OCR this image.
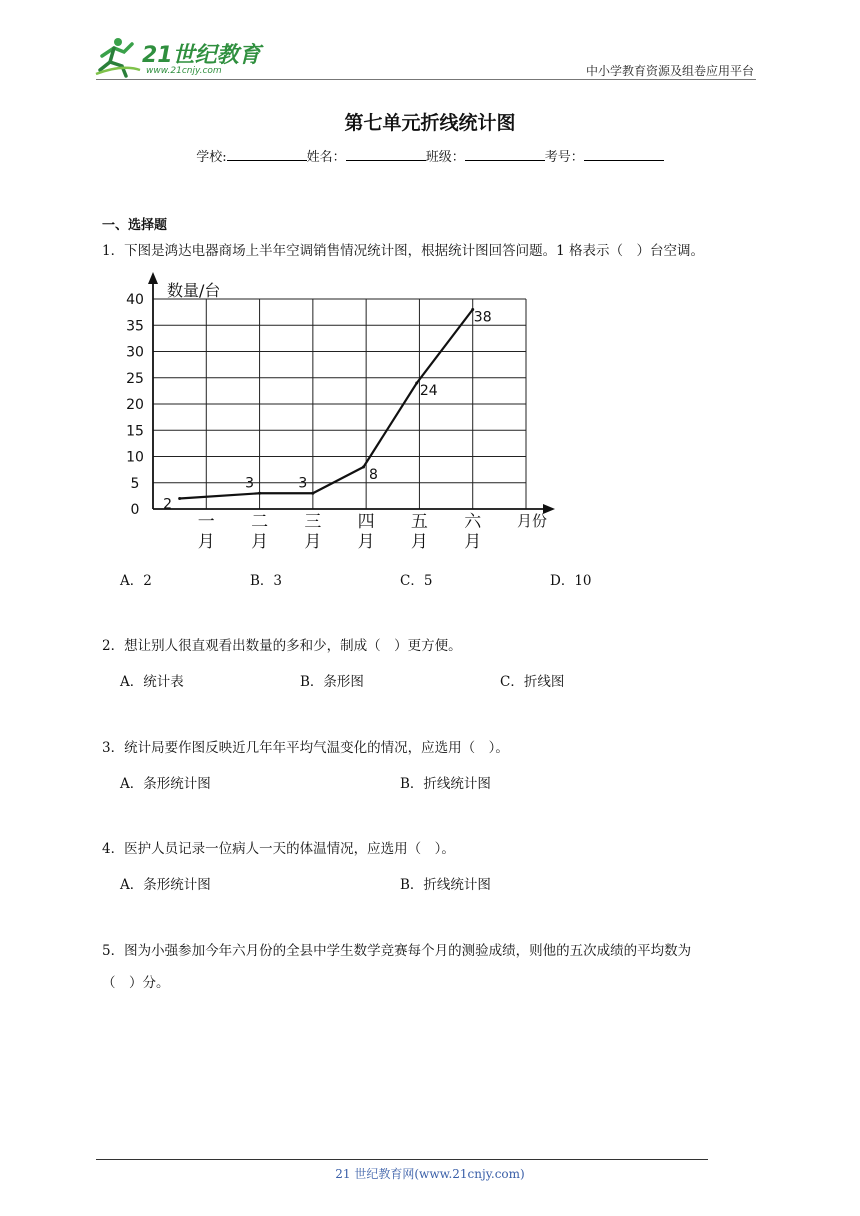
21世纪教育
www.21cnjy.com	中小学教育资源及组卷应用平台
第七单元折线统计图
学校:	姓名：	班级：	考号：
一、选择题
1．下图是鸿达电器商场上半年空调销售情况统计图，根据统计图回答问题。1 格表示（　）台空调。
0
5
10
15
20
25
30
35
40 数量/台
月份
一
月
二
月
三
月
四
月
五
月
六
月
2
3	3
8
24
38
A．2	B．3	C．5	D．10
2．想让别人很直观看出数量的多和少，制成（　）更方便。
A．统计表	B．条形图	C．折线图
3．统计局要作图反映近几年年平均气温变化的情况，应选用（　）。
A．条形统计图	B．折线统计图
4．医护人员记录一位病人一天的体温情况，应选用（　）。
A．条形统计图	B．折线统计图
5．图为小强参加今年六月份的全县中学生数学竞赛每个月的测验成绩，则他的五次成绩的平均数为
（　）分。
21 世纪教育网(www.21cnjy.com)
